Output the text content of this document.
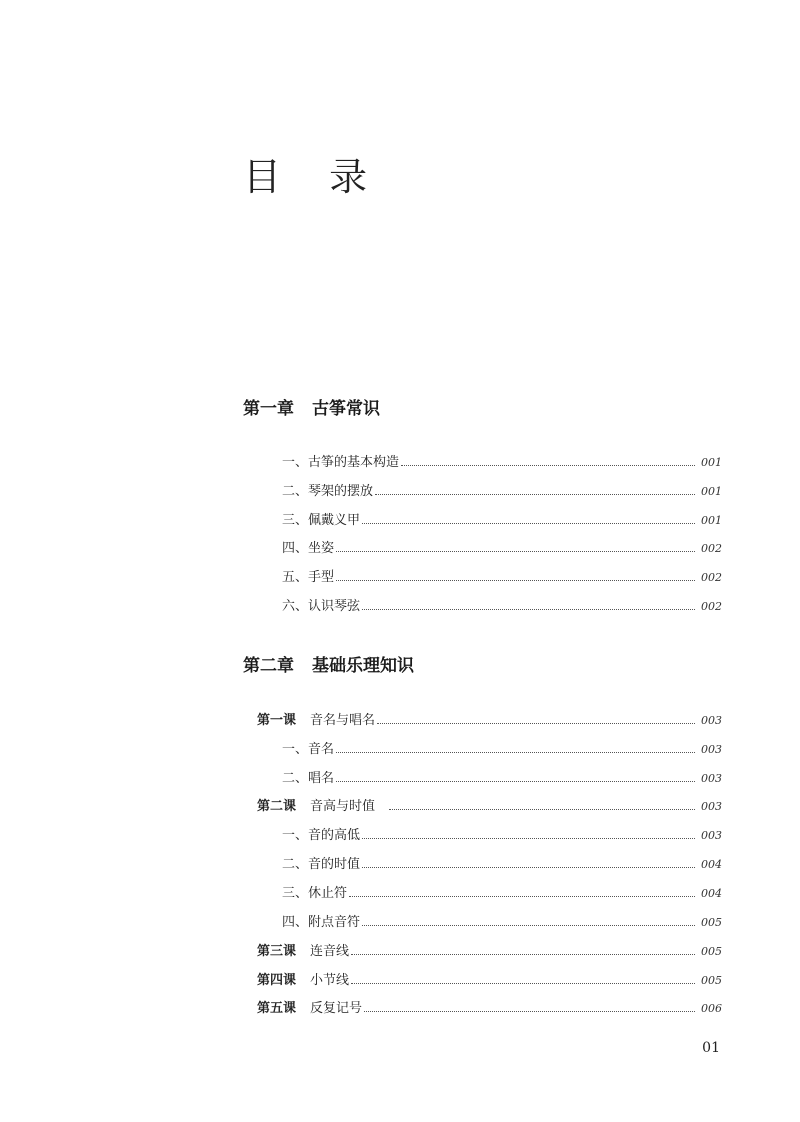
目 录
第一章 古筝常识
一、古筝的基本构造	001
二、琴架的摆放	001
三、佩戴义甲	001
四、坐姿	002
五、手型	002
六、认识琴弦	002
第二章 基础乐理知识
第一课 音名与唱名	003
一、音名	003
二、唱名	003
第二课 音高与时值	003
一、音的高低	003
二、音的时值	004
三、休止符	004
四、附点音符	005
第三课 连音线	005
第四课 小节线	005
第五课 反复记号	006
01
